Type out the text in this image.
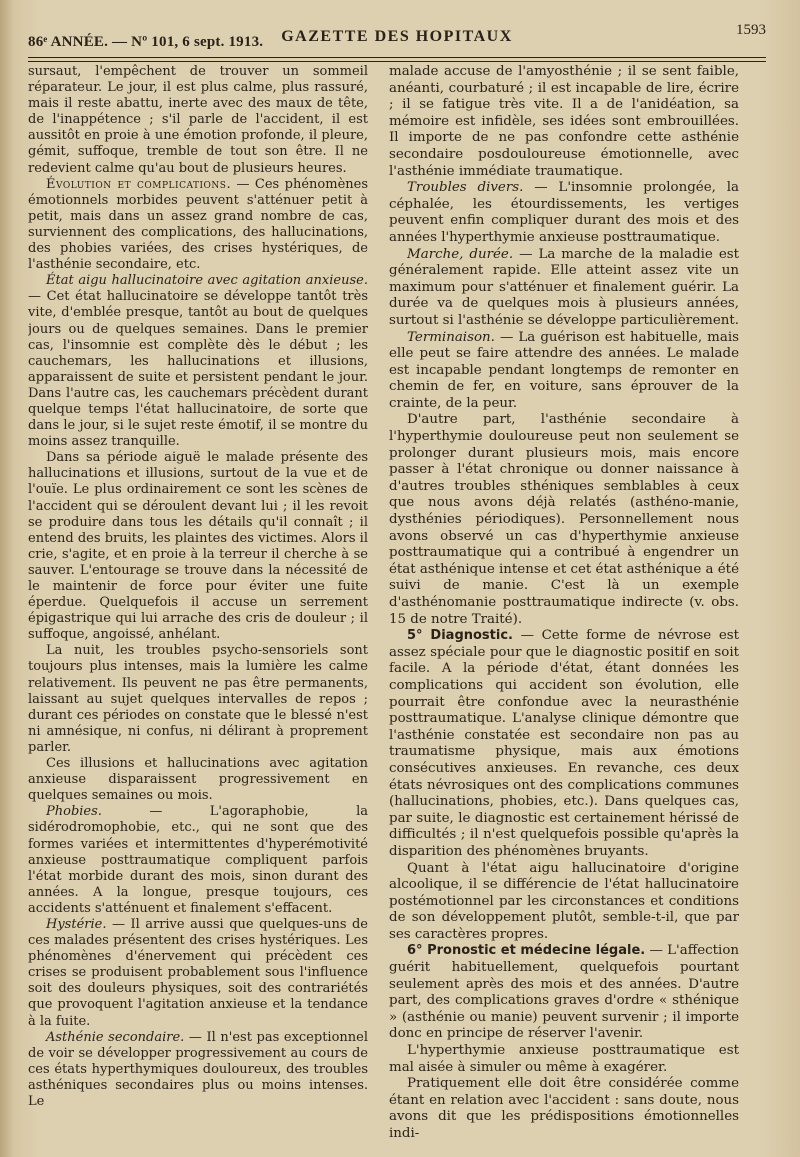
86ᵉ ANNÉE. — Nº 101, 6 sept. 1913.	GAZETTE DES HOPITAUX	1593

sursaut, l'empêchent de trouver un sommeil réparateur. Le jour, il est plus calme, plus rassuré, mais il reste abattu, inerte avec des maux de tête, de l'inappétence ; s'il parle de l'accident, il est aussitôt en proie à une émotion profonde, il pleure, gémit, suffoque, tremble de tout son être. Il ne redevient calme qu'au bout de plusieurs heures.

Évolution et complications. — Ces phénomènes émotionnels morbides peuvent s'atténuer petit à petit, mais dans un assez grand nombre de cas, surviennent des complications, des hallucinations, des phobies variées, des crises hystériques, de l'asthénie secondaire, etc.

État aigu hallucinatoire avec agitation anxieuse. — Cet état hallucinatoire se développe tantôt très vite, d'emblée presque, tantôt au bout de quelques jours ou de quelques semaines. Dans le premier cas, l'insomnie est complète dès le début ; les cauchemars, les hallucinations et illusions, apparaissent de suite et persistent pendant le jour. Dans l'autre cas, les cauchemars précèdent durant quelque temps l'état hallucinatoire, de sorte que dans le jour, si le sujet reste émotif, il se montre du moins assez tranquille.

Dans sa période aiguë le malade présente des hallucinations et illusions, surtout de la vue et de l'ouïe. Le plus ordinairement ce sont les scènes de l'accident qui se déroulent devant lui ; il les revoit se produire dans tous les détails qu'il connaît ; il entend des bruits, les plaintes des victimes. Alors il crie, s'agite, et en proie à la terreur il cherche à se sauver. L'entourage se trouve dans la nécessité de le maintenir de force pour éviter une fuite éperdue. Quelquefois il accuse un serrement épigastrique qui lui arrache des cris de douleur ; il suffoque, angoissé, anhélant.

La nuit, les troubles psycho-sensoriels sont toujours plus intenses, mais la lumière les calme relativement. Ils peuvent ne pas être permanents, laissant au sujet quelques intervalles de repos ; durant ces périodes on constate que le blessé n'est ni amnésique, ni confus, ni délirant à proprement parler.

Ces illusions et hallucinations avec agitation anxieuse disparaissent progressivement en quelques semaines ou mois.

Phobies. — L'agoraphobie, la sidérodromophobie, etc., qui ne sont que des formes variées et intermittentes d'hyperémotivité anxieuse posttraumatique compliquent parfois l'état morbide durant des mois, sinon durant des années. A la longue, presque toujours, ces accidents s'atténuent et finalement s'effacent.

Hystérie. — Il arrive aussi que quelques-uns de ces malades présentent des crises hystériques. Les phénomènes d'énervement qui précèdent ces crises se produisent probablement sous l'influence soit des douleurs physiques, soit des contrariétés que provoquent l'agitation anxieuse et la tendance à la fuite.

Asthénie secondaire. — Il n'est pas exceptionnel de voir se développer progressivement au cours de ces états hyperthymiques douloureux, des troubles asthéniques secondaires plus ou moins intenses. Le

malade accuse de l'amyosthénie ; il se sent faible, anéanti, courbaturé ; il est incapable de lire, écrire ; il se fatigue très vite. Il a de l'anidéation, sa mémoire est infidèle, ses idées sont embrouillées. Il importe de ne pas confondre cette asthénie secondaire posdouloureuse émotionnelle, avec l'asthénie immédiate traumatique.

Troubles divers. — L'insomnie prolongée, la céphalée, les étourdissements, les vertiges peuvent enfin compliquer durant des mois et des années l'hyperthymie anxieuse posttraumatique.

Marche, durée. — La marche de la maladie est généralement rapide. Elle atteint assez vite un maximum pour s'atténuer et finalement guérir. La durée va de quelques mois à plusieurs années, surtout si l'asthénie se développe particulièrement.

Terminaison. — La guérison est habituelle, mais elle peut se faire attendre des années. Le malade est incapable pendant longtemps de remonter en chemin de fer, en voiture, sans éprouver de la crainte, de la peur.

D'autre part, l'asthénie secondaire à l'hyperthymie douloureuse peut non seulement se prolonger durant plusieurs mois, mais encore passer à l'état chronique ou donner naissance à d'autres troubles sthéniques semblables à ceux que nous avons déjà relatés (asthéno-manie, dysthénies périodiques). Personnellement nous avons observé un cas d'hyperthymie anxieuse posttraumatique qui a contribué à engendrer un état asthénique intense et cet état asthénique a été suivi de manie. C'est là un exemple d'asthénomanie posttraumatique indirecte (v. obs. 15 de notre Traité).

5° Diagnostic. — Cette forme de névrose est assez spéciale pour que le diagnostic positif en soit facile. A la période d'état, étant données les complications qui accident son évolution, elle pourrait être confondue avec la neurasthénie posttraumatique. L'analyse clinique démontre que l'asthénie constatée est secondaire non pas au traumatisme physique, mais aux émotions consécutives anxieuses. En revanche, ces deux états névrosiques ont des complications communes (hallucinations, phobies, etc.). Dans quelques cas, par suite, le diagnostic est certainement hérissé de difficultés ; il n'est quelquefois possible qu'après la disparition des phénomènes bruyants.

Quant à l'état aigu hallucinatoire d'origine alcoolique, il se différencie de l'état hallucinatoire postémotionnel par les circonstances et conditions de son développement plutôt, semble-t-il, que par ses caractères propres.

6° Pronostic et médecine légale. — L'affection guérit habituellement, quelquefois pourtant seulement après des mois et des années. D'autre part, des complications graves d'ordre « sthénique » (asthénie ou manie) peuvent survenir ; il importe donc en principe de réserver l'avenir.

L'hyperthymie anxieuse posttraumatique est mal aisée à simuler ou même à exagérer.

Pratiquement elle doit être considérée comme étant en relation avec l'accident : sans doute, nous avons dit que les prédispositions émotionnelles indi-
